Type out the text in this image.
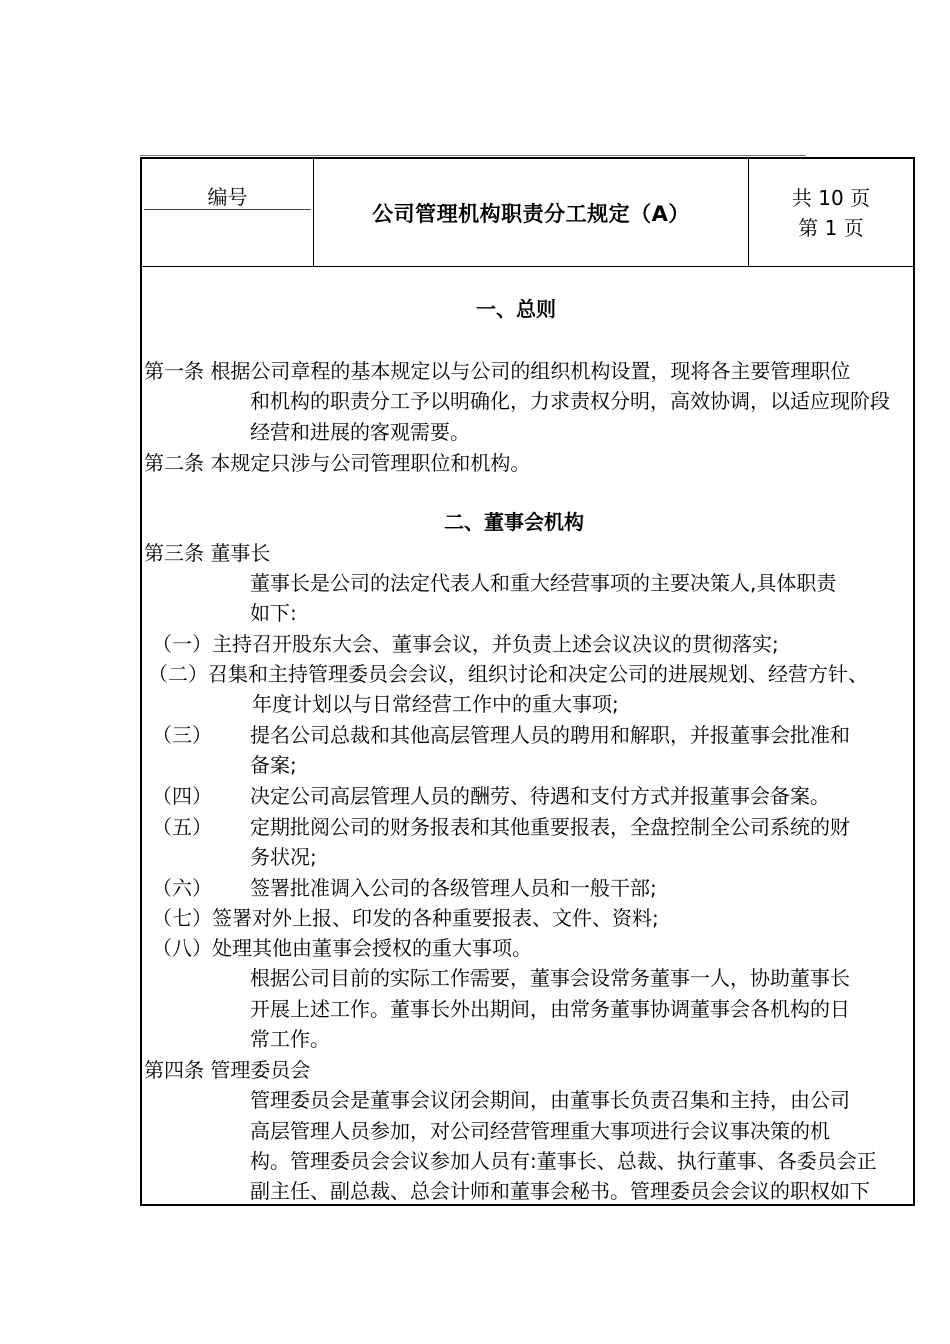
编号
公司管理机构职责分工规定（A）
共 10 页
第 1 页
一、总则
第一条 根据公司章程的基本规定以与公司的组织机构设置，现将各主要管理职位
和机构的职责分工予以明确化，力求责权分明，高效协调，以适应现阶段
经营和进展的客观需要。
第二条 本规定只涉与公司管理职位和机构。
二、董事会机构
第三条 董事长
董事长是公司的法定代表人和重大经营事项的主要决策人,具体职责
如下:
（一）主持召开股东大会、董事会议，并负责上述会议决议的贯彻落实;
（二）召集和主持管理委员会会议，组织讨论和决定公司的进展规划、经营方针、
年度计划以与日常经营工作中的重大事项;
（三） 提名公司总裁和其他高层管理人员的聘用和解职，并报董事会批准和
备案;
（四） 决定公司高层管理人员的酬劳、待遇和支付方式并报董事会备案。
（五） 定期批阅公司的财务报表和其他重要报表，全盘控制全公司系统的财
务状况;
（六） 签署批准调入公司的各级管理人员和一般干部;
（七）签署对外上报、印发的各种重要报表、文件、资料;
（八）处理其他由董事会授权的重大事项。
根据公司目前的实际工作需要，董事会设常务董事一人，协助董事长
开展上述工作。董事长外出期间，由常务董事协调董事会各机构的日
常工作。
第四条 管理委员会
管理委员会是董事会议闭会期间，由董事长负责召集和主持，由公司
高层管理人员参加，对公司经营管理重大事项进行会议事决策的机
构。管理委员会会议参加人员有:董事长、总裁、执行董事、各委员会正
副主任、副总裁、总会计师和董事会秘书。管理委员会会议的职权如下
